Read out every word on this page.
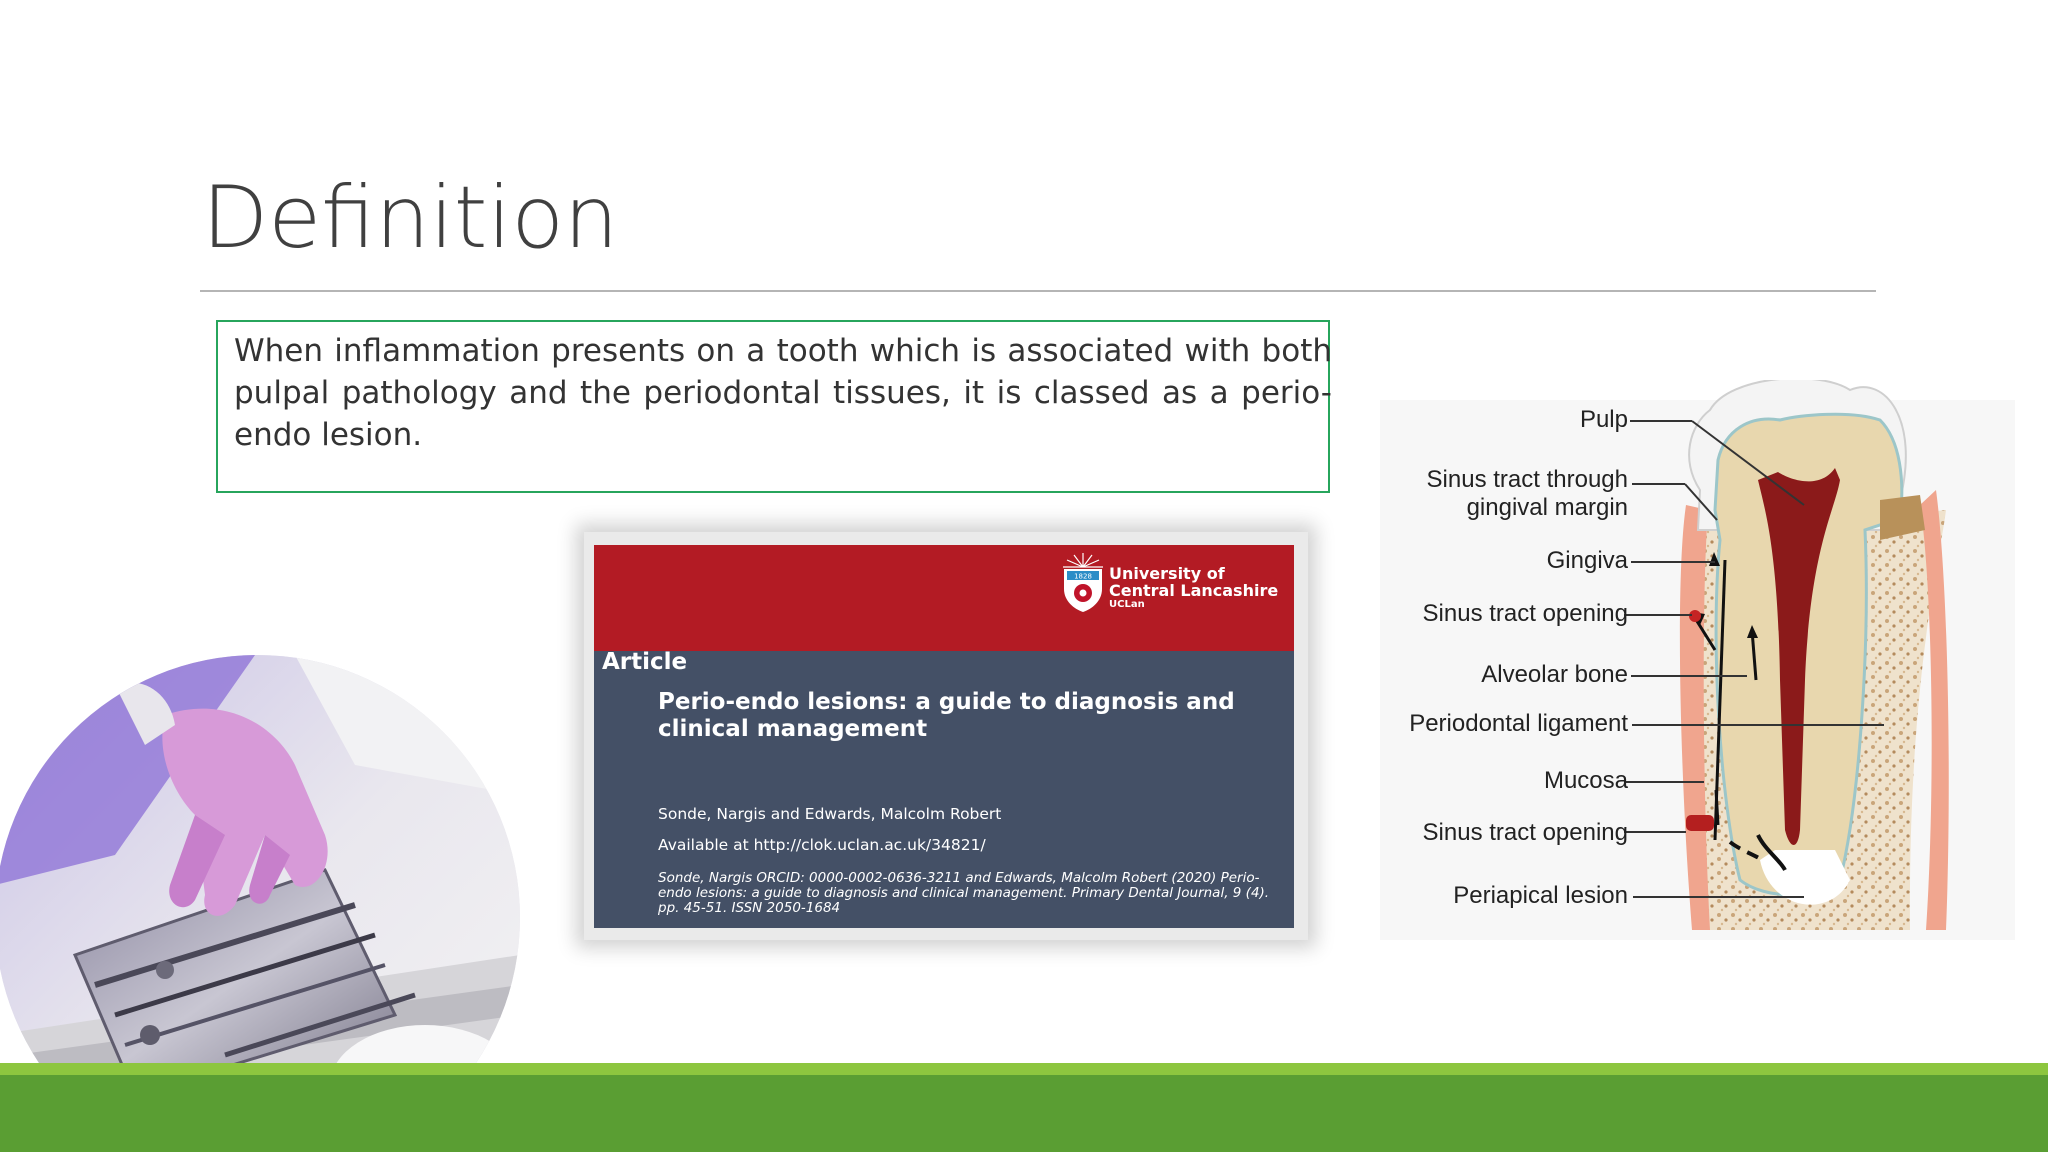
Definition

When inflammation presents on a tooth which is associated with both pulpal pathology and the periodontal tissues, it is classed as a perio-endo lesion.

1828 University of
Central Lancashire
UCLan
Article
Perio-endo lesions: a guide to diagnosis and clinical management
Sonde, Nargis and Edwards, Malcolm Robert
Available at http://clok.uclan.ac.uk/34821/
Sonde, Nargis ORCID: 0000-0002-0636-3211 and Edwards, Malcolm Robert (2020) Perio-endo lesions: a guide to diagnosis and clinical management. Primary Dental Journal, 9 (4). pp. 45-51. ISSN 2050-1684
Pulp
Sinus tract through
gingival margin
Gingiva
Sinus tract opening
Alveolar bone
Periodontal ligament
Mucosa
Sinus tract opening
Periapical lesion
